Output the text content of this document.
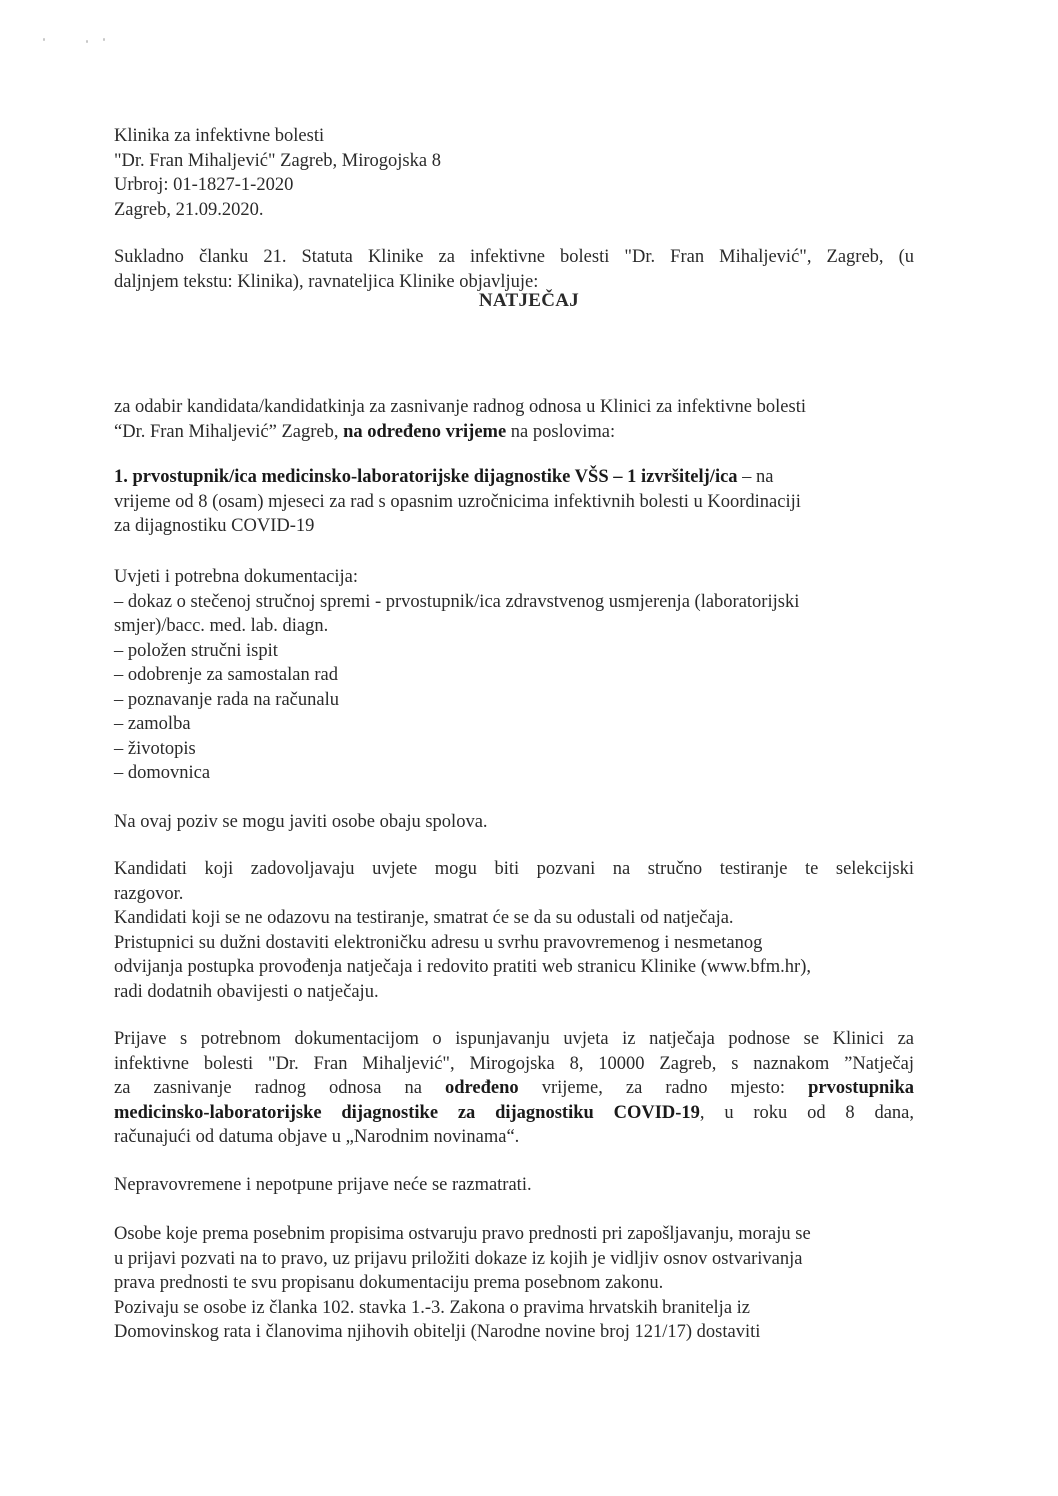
Klinika za infektivne bolesti
"Dr. Fran Mihaljević" Zagreb, Mirogojska 8
Urbroj: 01-1827-1-2020
Zagreb, 21.09.2020.
Sukladno članku 21. Statuta Klinike za infektivne bolesti "Dr. Fran Mihaljević", Zagreb, (u
daljnjem tekstu: Klinika), ravnateljica Klinike objavljuje:
NATJEČAJ
za odabir kandidata/kandidatkinja za zasnivanje radnog odnosa u Klinici za infektivne bolesti
“Dr. Fran Mihaljević” Zagreb, na određeno vrijeme na poslovima:
1. prvostupnik/ica medicinsko-laboratorijske dijagnostike VŠS – 1 izvršitelj/ica – na
vrijeme od 8 (osam) mjeseci za rad s opasnim uzročnicima infektivnih bolesti u Koordinaciji
za dijagnostiku COVID-19
Uvjeti i potrebna dokumentacija:
– dokaz o stečenoj stručnoj spremi - prvostupnik/ica zdravstvenog usmjerenja (laboratorijski
smjer)/bacc. med. lab. diagn.
– položen stručni ispit
– odobrenje za samostalan rad
– poznavanje rada na računalu
– zamolba
– životopis
– domovnica
Na ovaj poziv se mogu javiti osobe obaju spolova.
Kandidati koji zadovoljavaju uvjete mogu biti pozvani na stručno testiranje te selekcijski
razgovor.
Kandidati koji se ne odazovu na testiranje, smatrat će se da su odustali od natječaja.
Pristupnici su dužni dostaviti elektroničku adresu u svrhu pravovremenog i nesmetanog
odvijanja postupka provođenja natječaja i redovito pratiti web stranicu Klinike (www.bfm.hr),
radi dodatnih obavijesti o natječaju.
Prijave s potrebnom dokumentacijom o ispunjavanju uvjeta iz natječaja podnose se Klinici za
infektivne bolesti "Dr. Fran Mihaljević", Mirogojska 8, 10000 Zagreb, s naznakom ”Natječaj
za zasnivanje radnog odnosa na određeno vrijeme, za radno mjesto: prvostupnika
medicinsko-laboratorijske dijagnostike za dijagnostiku COVID-19, u roku od 8 dana,
računajući od datuma objave u „Narodnim novinama“.
Nepravovremene i nepotpune prijave neće se razmatrati.
Osobe koje prema posebnim propisima ostvaruju pravo prednosti pri zapošljavanju, moraju se
u prijavi pozvati na to pravo, uz prijavu priložiti dokaze iz kojih je vidljiv osnov ostvarivanja
prava prednosti te svu propisanu dokumentaciju prema posebnom zakonu.
Pozivaju se osobe iz članka 102. stavka 1.-3. Zakona o pravima hrvatskih branitelja iz
Domovinskog rata i članovima njihovih obitelji (Narodne novine broj 121/17) dostaviti
